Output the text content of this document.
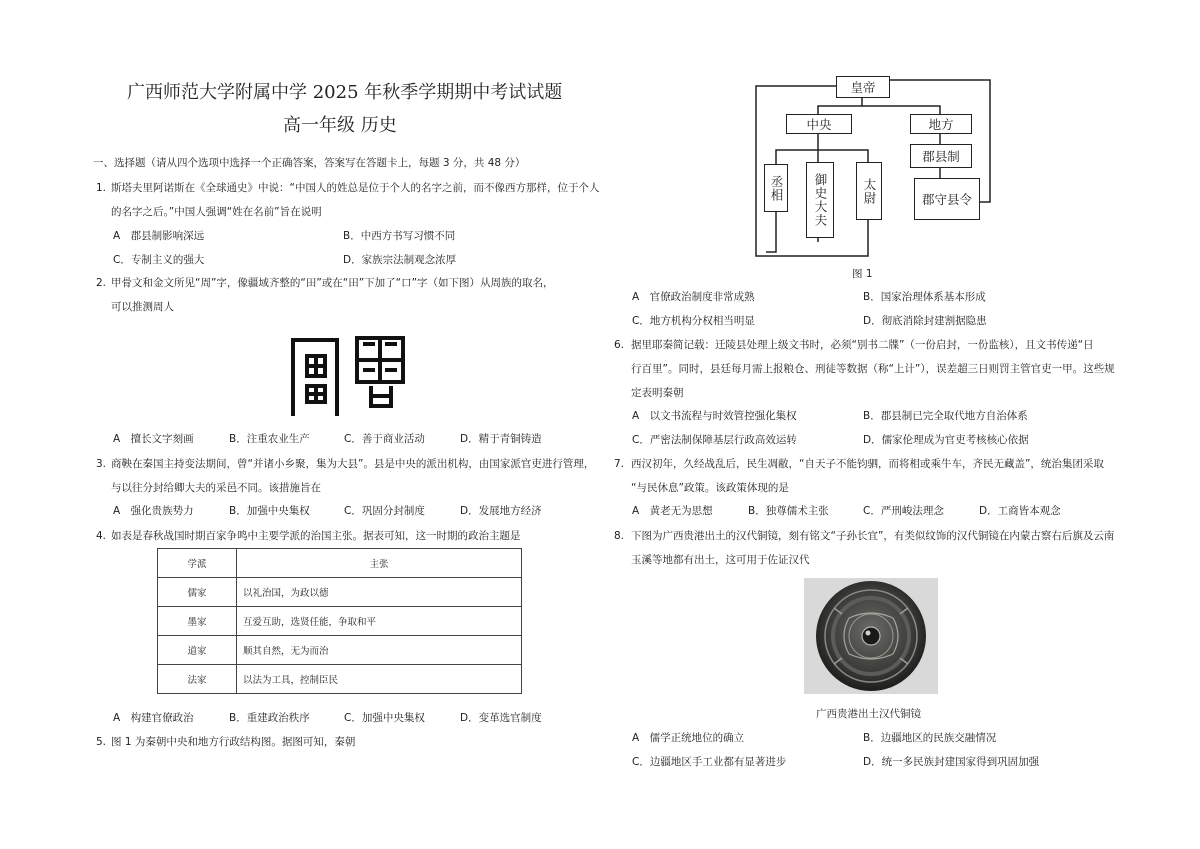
广西师范大学附属中学 2025 年秋季学期期中考试试题
高一年级 历史
一、选择题（请从四个选项中选择一个正确答案，答案写在答题卡上，每题 3 分，共 48 分）
1. 斯塔夫里阿诺斯在《全球通史》中说：“中国人的姓总是位于个人的名字之前，而不像西方那样，位于个人
的名字之后。”中国人强调“姓在名前”旨在说明
A　郡县制影响深远	B．中西方书写习惯不同
C．专制主义的强大	D．家族宗法制观念浓厚
2. 甲骨文和金文所见“周”字，像疆域齐整的“田”或在“田”下加了“口”字（如下图）从周族的取名，
可以推测周人
A　擅长文字刻画	B．注重农业生产	C．善于商业活动	D．精于青铜铸造
3. 商鞅在秦国主持变法期间，曾“并诸小乡聚，集为大县”。县是中央的派出机构，由国家派官吏进行管理，
与以往分封给卿大夫的采邑不同。该措施旨在
A　强化贵族势力	B．加强中央集权	C．巩固分封制度	D．发展地方经济
4. 如表是春秋战国时期百家争鸣中主要学派的治国主张。据表可知，这一时期的政治主题是
学派	主张
儒家	以礼治国，为政以德
墨家	互爱互助，选贤任能，争取和平
道家	顺其自然，无为而治
法家	以法为工具，控制臣民
A　构建官僚政治	B．重建政治秩序	C．加强中央集权	D．变革选官制度
5. 图 1 为秦朝中央和地方行政结构图。据图可知，秦朝
皇帝
中央	地方
郡县制
丞相	御史大夫	太尉	郡守县令
图 1
A　官僚政治制度非常成熟	B．国家治理体系基本形成
C．地方机构分权相当明显	D．彻底消除封建割据隐患
6. 据里耶秦简记载：迁陵县处理上级文书时，必须“别书二牒”（一份启封，一份监核），且文书传递“日
行百里”。同时，县廷每月需上报粮仓、刑徒等数据（称“上计”），误差超三日则罚主管官吏一甲。这些规
定表明秦朝
A　以文书流程与时效管控强化集权	B．郡县制已完全取代地方自治体系
C．严密法制保障基层行政高效运转	D．儒家伦理成为官吏考核核心依据
7. 西汉初年，久经战乱后，民生凋敝，“自天子不能钧驷，而将相或乘牛车，齐民无藏盖”，统治集团采取
“与民休息”政策。该政策体现的是
A　黄老无为思想	B．独尊儒术主张	C．严刑峻法理念	D．工商皆本观念
8. 下图为广西贵港出土的汉代铜镜，刻有铭文“子孙长宜”，有类似纹饰的汉代铜镜在内蒙古察右后旗及云南
玉溪等地都有出土，这可用于佐证汉代
广西贵港出土汉代铜镜
A　儒学正统地位的确立	B．边疆地区的民族交融情况
C．边疆地区手工业都有显著进步	D．统一多民族封建国家得到巩固加强
